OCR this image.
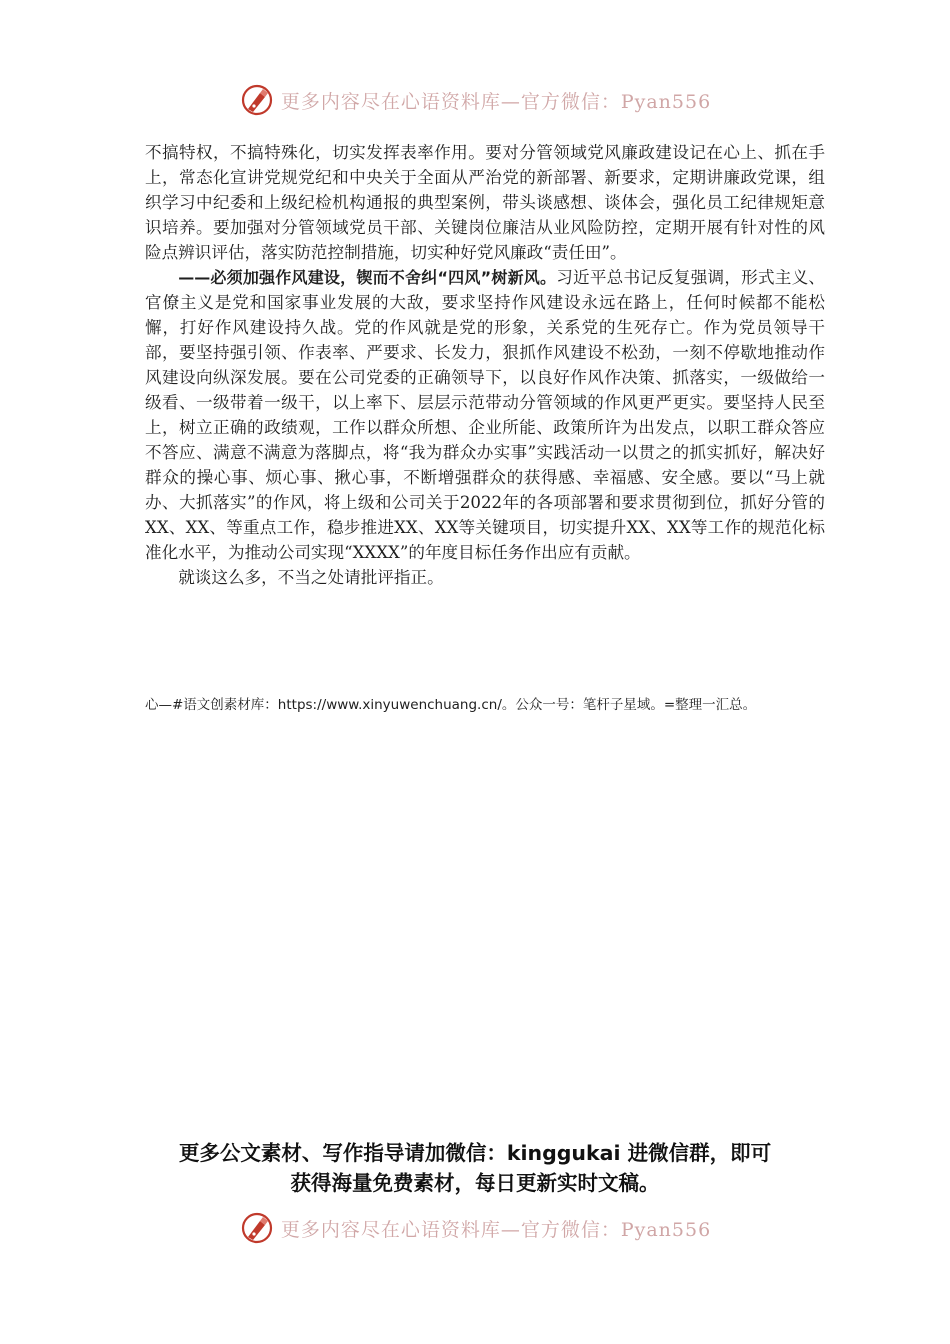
更多内容尽在心语资料库—官方微信：Pyan556

不搞特权，不搞特殊化，切实发挥表率作用。要对分管领域党风廉政建设记在心上、抓在手上，常态化宣讲党规党纪和中央关于全面从严治党的新部署、新要求，定期讲廉政党课，组织学习中纪委和上级纪检机构通报的典型案例，带头谈感想、谈体会，强化员工纪律规矩意识培养。要加强对分管领域党员干部、关键岗位廉洁从业风险防控，定期开展有针对性的风险点辨识评估，落实防范控制措施，切实种好党风廉政“责任田”。

——必须加强作风建设，锲而不舍纠“四风”树新风。习近平总书记反复强调，形式主义、官僚主义是党和国家事业发展的大敌，要求坚持作风建设永远在路上，任何时候都不能松懈，打好作风建设持久战。党的作风就是党的形象，关系党的生死存亡。作为党员领导干部，要坚持强引领、作表率、严要求、长发力，狠抓作风建设不松劲，一刻不停歇地推动作风建设向纵深发展。要在公司党委的正确领导下，以良好作风作决策、抓落实，一级做给一级看、一级带着一级干，以上率下、层层示范带动分管领域的作风更严更实。要坚持人民至上，树立正确的政绩观，工作以群众所想、企业所能、政策所许为出发点，以职工群众答应不答应、满意不满意为落脚点，将“我为群众办实事”实践活动一以贯之的抓实抓好，解决好群众的操心事、烦心事、揪心事，不断增强群众的获得感、幸福感、安全感。要以“马上就办、大抓落实”的作风，将上级和公司关于2022年的各项部署和要求贯彻到位，抓好分管的XX、XX、等重点工作，稳步推进XX、XX等关键项目，切实提升XX、XX等工作的规范化标准化水平，为推动公司实现“XXXX”的年度目标任务作出应有贡献。

就谈这么多，不当之处请批评指正。

心—#语文创素材库：https://www.xinyuwenchuang.cn/。公众一号：笔杆子星域。=整理一汇总。
更多公文素材、写作指导请加微信：kinggukai 进微信群，即可
获得海量免费素材，每日更新实时文稿。
更多内容尽在心语资料库—官方微信：Pyan556
